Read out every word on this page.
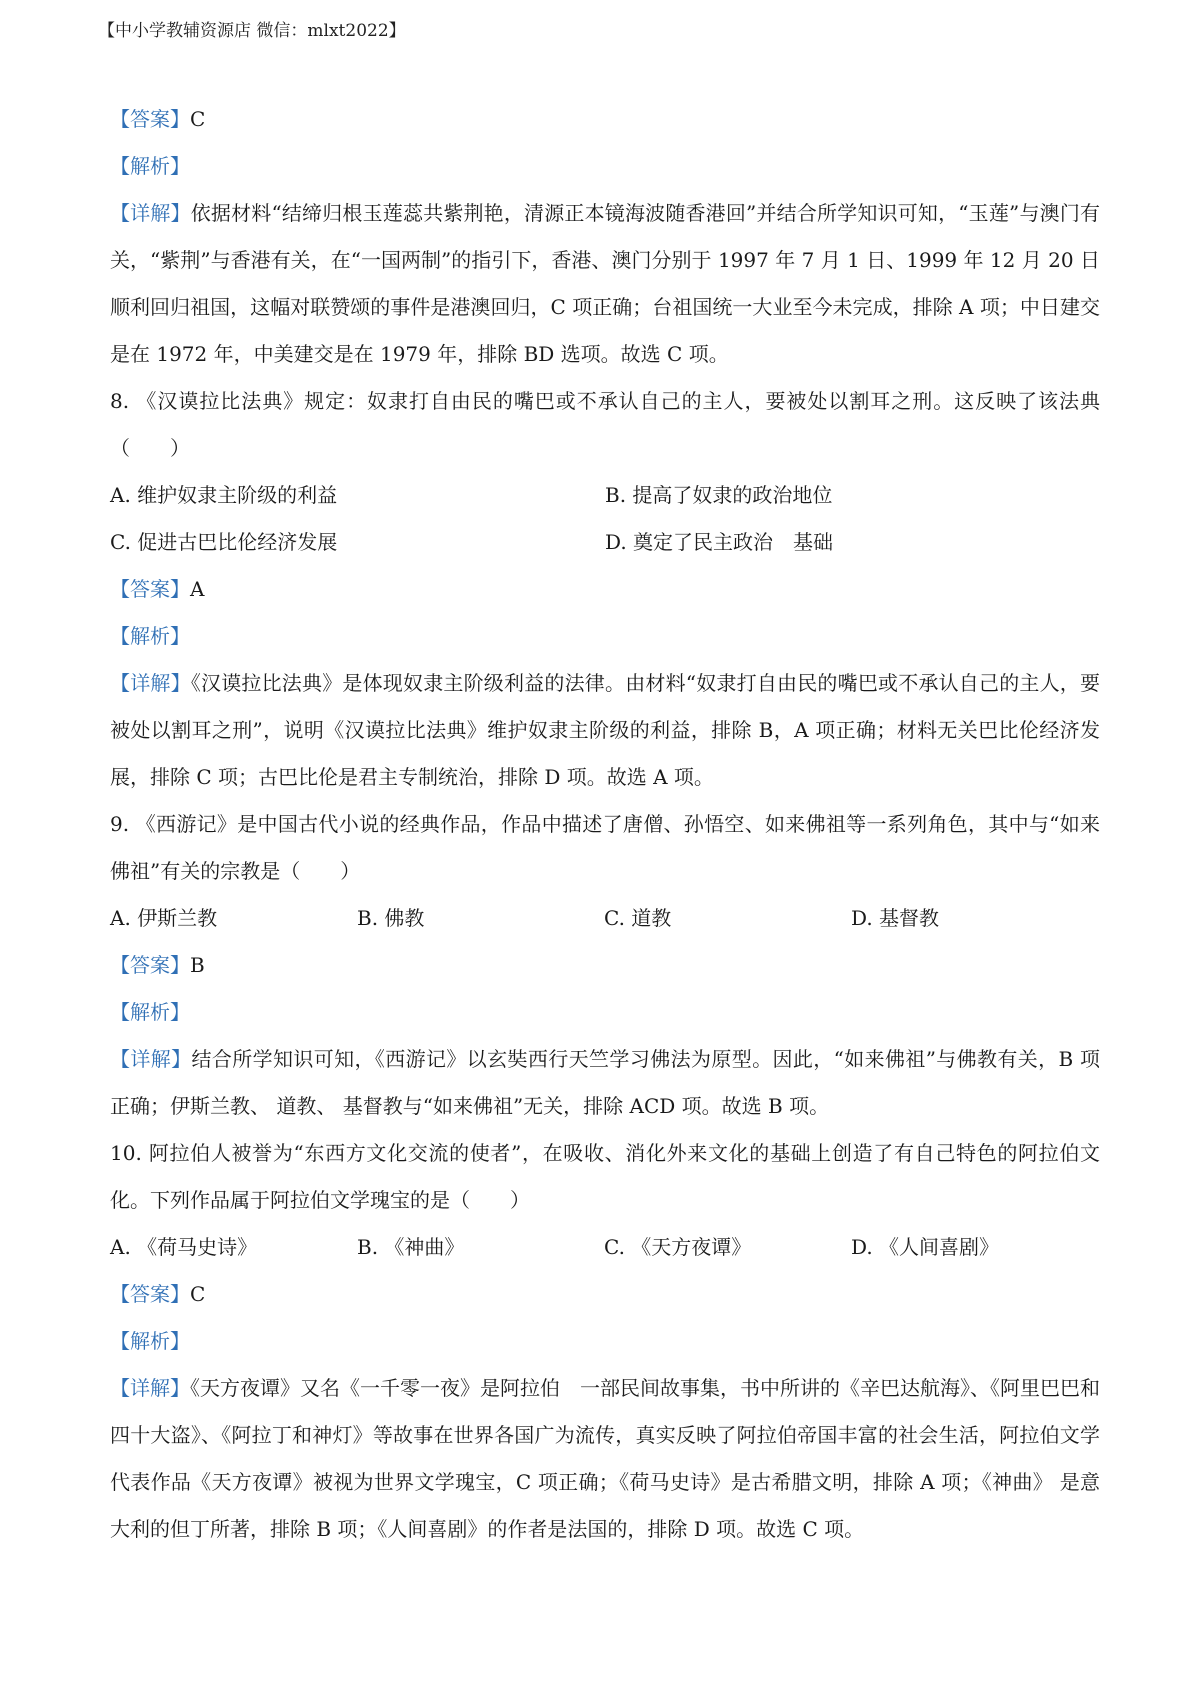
【中小学教辅资源店 微信：mlxt2022】
【答案】C
【解析】
【详解】依据材料“结缔归根玉莲蕊共紫荆艳，清源正本镜海波随香港回”并结合所学知识可知，“玉莲”与澳门有关，“紫荆”与香港有关，在“一国两制”的指引下，香港、澳门分别于 1997 年 7 月 1 日、1999 年 12 月 20 日顺利回归祖国，这幅对联赞颂的事件是港澳回归，C 项正确；台祖国统一大业至今未完成，排除 A 项；中日建交是在 1972 年，中美建交是在 1979 年，排除 BD 选项。故选 C 项。
8. 《汉谟拉比法典》规定：奴隶打自由民的嘴巴或不承认自己的主人，要被处以割耳之刑。这反映了该法典（　　）
A. 维护奴隶主阶级的利益	B. 提高了奴隶的政治地位
C. 促进古巴比伦经济发展	D. 奠定了民主政治　基础
【答案】A
【解析】
【详解】《汉谟拉比法典》是体现奴隶主阶级利益的法律。由材料“奴隶打自由民的嘴巴或不承认自己的主人，要被处以割耳之刑”，说明《汉谟拉比法典》维护奴隶主阶级的利益，排除 B，A 项正确；材料无关巴比伦经济发展，排除 C 项；古巴比伦是君主专制统治，排除 D 项。故选 A 项。
9. 《西游记》是中国古代小说的经典作品，作品中描述了唐僧、孙悟空、如来佛祖等一系列角色，其中与“如来佛祖”有关的宗教是（　　）
A. 伊斯兰教	B. 佛教	C. 道教	D. 基督教
【答案】B
【解析】
【详解】结合所学知识可知，《西游记》以玄奘西行天竺学习佛法为原型。因此，“如来佛祖”与佛教有关，B 项正确；伊斯兰教、 道教、 基督教与“如来佛祖”无关，排除 ACD 项。故选 B 项。
10. 阿拉伯人被誉为“东西方文化交流的使者”，在吸收、消化外来文化的基础上创造了有自己特色的阿拉伯文化。下列作品属于阿拉伯文学瑰宝的是（　　）
A. 《荷马史诗》	B. 《神曲》	C. 《天方夜谭》	D. 《人间喜剧》
【答案】C
【解析】
【详解】《天方夜谭》又名《一千零一夜》是阿拉伯　一部民间故事集，书中所讲的《辛巴达航海》、《阿里巴巴和四十大盗》、《阿拉丁和神灯》等故事在世界各国广为流传，真实反映了阿拉伯帝国丰富的社会生活，阿拉伯文学代表作品《天方夜谭》被视为世界文学瑰宝，C 项正确；《荷马史诗》是古希腊文明，排除 A 项；《神曲》 是意大利的但丁所著，排除 B 项；《人间喜剧》的作者是法国的，排除 D 项。故选 C 项。
